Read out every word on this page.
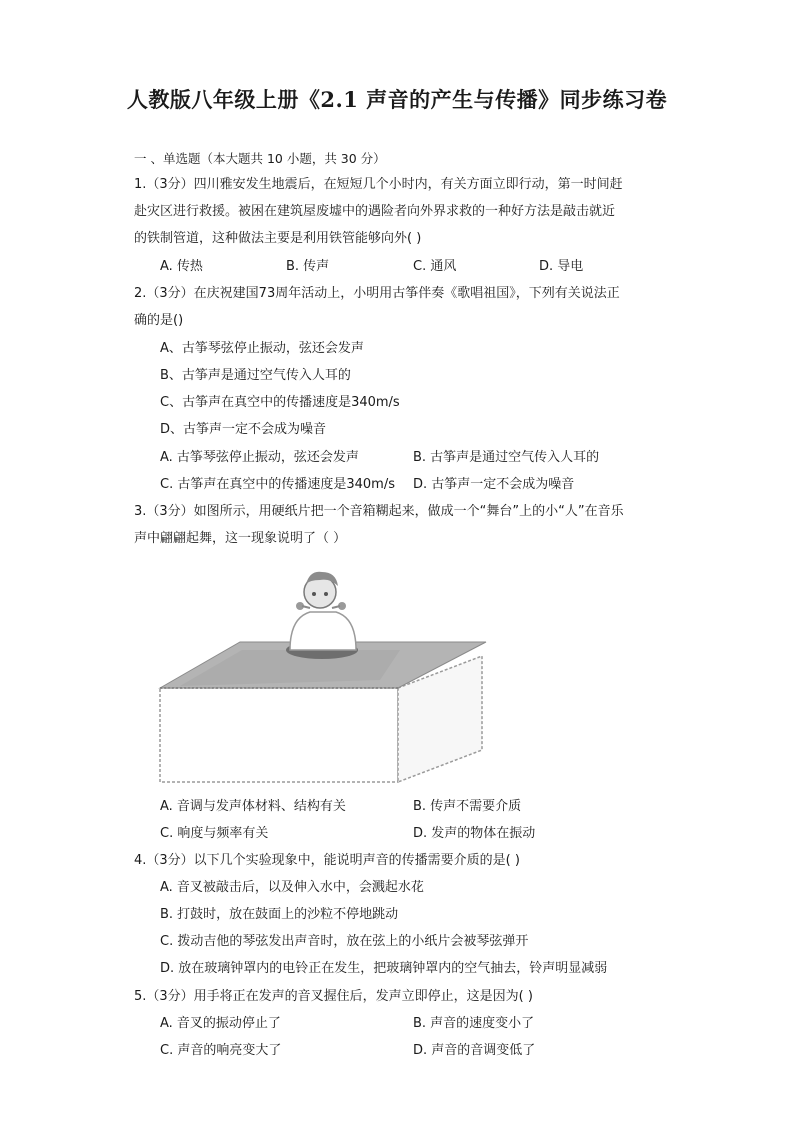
人教版八年级上册《2.1 声音的产生与传播》同步练习卷
一 、单选题（本大题共 10 小题，共 30 分）
1.（3分）四川雅安发生地震后，在短短几个小时内，有关方面立即行动，第一时间赶
赴灾区进行救援。被困在建筑屋废墟中的遇险者向外界求救的一种好方法是敲击就近
的铁制管道，这种做法主要是利用铁管能够向外( )
A. 传热	B. 传声	C. 通风	D. 导电
2.（3分）在庆祝建国73周年活动上，小明用古筝伴奏《歌唱祖国》，下列有关说法正
确的是()
A、古筝琴弦停止振动，弦还会发声
B、古筝声是通过空气传入人耳的
C、古筝声在真空中的传播速度是340m/s
D、古筝声一定不会成为噪音
A. 古筝琴弦停止振动，弦还会发声	B. 古筝声是通过空气传入人耳的
C. 古筝声在真空中的传播速度是340m/s D. 古筝声一定不会成为噪音
3.（3分）如图所示，用硬纸片把一个音箱糊起来，做成一个“舞台”上的小“人”在音乐
声中翩翩起舞，这一现象说明了（ ）
A. 音调与发声体材料、结构有关	B. 传声不需要介质
C. 响度与频率有关	D. 发声的物体在振动
4.（3分）以下几个实验现象中，能说明声音的传播需要介质的是( )
A. 音叉被敲击后，以及伸入水中，会溅起水花
B. 打鼓时，放在鼓面上的沙粒不停地跳动
C. 拨动吉他的琴弦发出声音时，放在弦上的小纸片会被琴弦弹开
D. 放在玻璃钟罩内的电铃正在发生，把玻璃钟罩内的空气抽去，铃声明显减弱
5.（3分）用手将正在发声的音叉握住后，发声立即停止，这是因为( )
A. 音叉的振动停止了	B. 声音的速度变小了
C. 声音的响亮变大了	D. 声音的音调变低了
